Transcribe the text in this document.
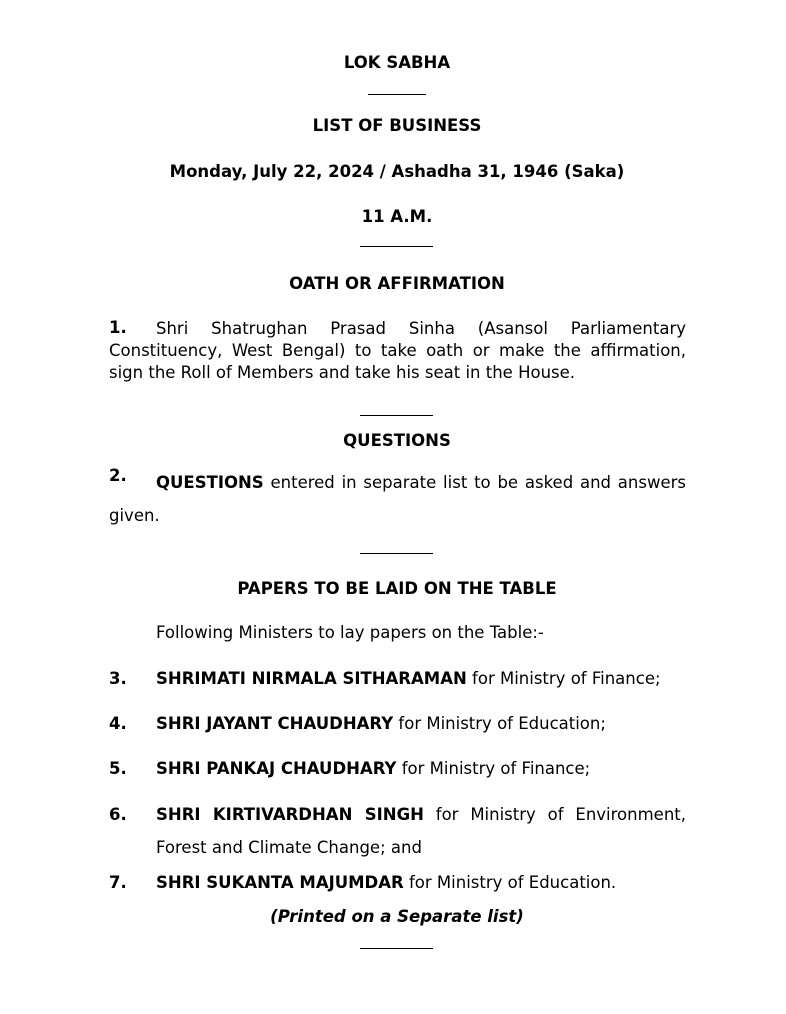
LOK SABHA
LIST OF BUSINESS
Monday, July 22, 2024 / Ashadha 31, 1946 (Saka)
11 A.M.
OATH OR AFFIRMATION
1.	Shri Shatrughan Prasad Sinha (Asansol Parliamentary
Constituency, West Bengal) to take oath or make the affirmation,
sign the Roll of Members and take his seat in the House.
QUESTIONS
2.	QUESTIONS entered in separate list to be asked and answers
given.
PAPERS TO BE LAID ON THE TABLE
Following Ministers to lay papers on the Table:-
3. SHRIMATI NIRMALA SITHARAMAN for Ministry of Finance;
4. SHRI JAYANT CHAUDHARY for Ministry of Education;
5. SHRI PANKAJ CHAUDHARY for Ministry of Finance;
6. SHRI KIRTIVARDHAN SINGH for Ministry of Environment,
Forest and Climate Change; and
7. SHRI SUKANTA MAJUMDAR for Ministry of Education.
(Printed on a Separate list)
